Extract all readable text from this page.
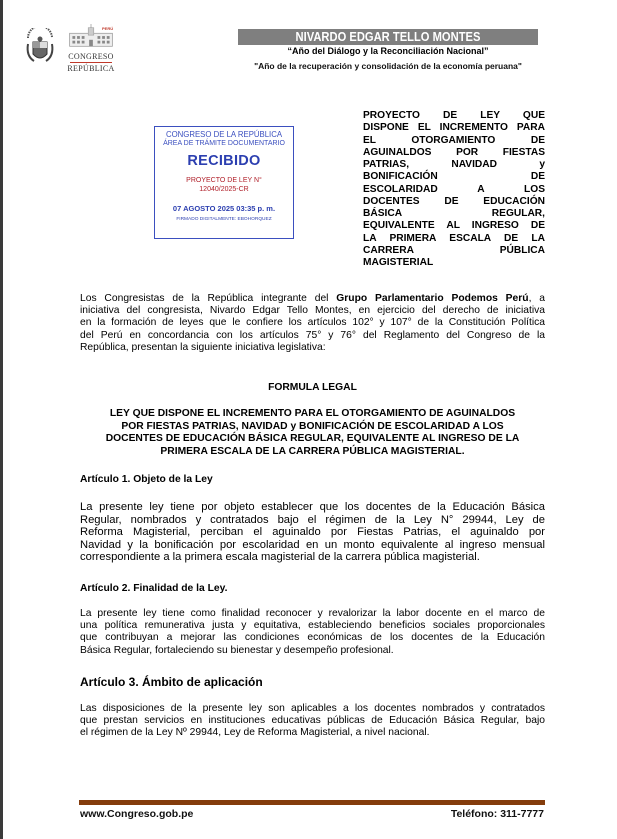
PERÚ
CONGRESO
REPÚBLICA
NIVARDO EDGAR TELLO MONTES
“Año del Diálogo y la Reconciliación Nacional”
"Año de la recuperación y consolidación de la economía peruana"
CONGRESO DE LA REPÚBLICA
ÁREA DE TRÁMITE DOCUMENTARIO
RECIBIDO
PROYECTO DE LEY N°
12040/2025-CR
07 AGOSTO 2025 03:35 p. m.
FIRMADO DIGITALMENTE: EBOHORQUEZ
PROYECTO DE LEY QUE
DISPONE EL INCREMENTO PARA
EL OTORGAMIENTO DE
AGUINALDOS POR FIESTAS
PATRIAS, NAVIDAD y
BONIFICACIÓN DE
ESCOLARIDAD A LOS
DOCENTES DE EDUCACIÓN
BÁSICA REGULAR,
EQUIVALENTE AL INGRESO DE
LA PRIMERA ESCALA DE LA
CARRERA PÚBLICA
MAGISTERIAL
Los Congresistas de la República integrante del Grupo Parlamentario Podemos Perú, a
iniciativa del congresista, Nivardo Edgar Tello Montes, en ejercicio del derecho de iniciativa
en la formación de leyes que le confiere los artículos 102° y 107° de la Constitución Política
del Perú en concordancia con los artículos 75° y 76° del Reglamento del Congreso de la
República, presentan la siguiente iniciativa legislativa:
FORMULA LEGAL
LEY QUE DISPONE EL INCREMENTO PARA EL OTORGAMIENTO DE AGUINALDOS
POR FIESTAS PATRIAS, NAVIDAD y BONIFICACIÓN DE ESCOLARIDAD A LOS
DOCENTES DE EDUCACIÓN BÁSICA REGULAR, EQUIVALENTE AL INGRESO DE LA
PRIMERA ESCALA DE LA CARRERA PÚBLICA MAGISTERIAL.
Artículo 1. Objeto de la Ley
La presente ley tiene por objeto establecer que los docentes de la Educación Básica
Regular, nombrados y contratados bajo el régimen de la Ley N° 29944, Ley de
Reforma Magisterial, perciban el aguinaldo por Fiestas Patrias, el aguinaldo por
Navidad y la bonificación por escolaridad en un monto equivalente al ingreso mensual
correspondiente a la primera escala magisterial de la carrera pública magisterial.
Artículo 2. Finalidad de la Ley.
La presente ley tiene como finalidad reconocer y revalorizar la labor docente en el marco de
una política remunerativa justa y equitativa, estableciendo beneficios sociales proporcionales
que contribuyan a mejorar las condiciones económicas de los docentes de la Educación
Básica Regular, fortaleciendo su bienestar y desempeño profesional.
Artículo 3. Ámbito de aplicación
Las disposiciones de la presente ley son aplicables a los docentes nombrados y contratados
que prestan servicios en instituciones educativas públicas de Educación Básica Regular, bajo
el régimen de la Ley Nº 29944, Ley de Reforma Magisterial, a nivel nacional.
www.Congreso.gob.pe	Teléfono: 311-7777
